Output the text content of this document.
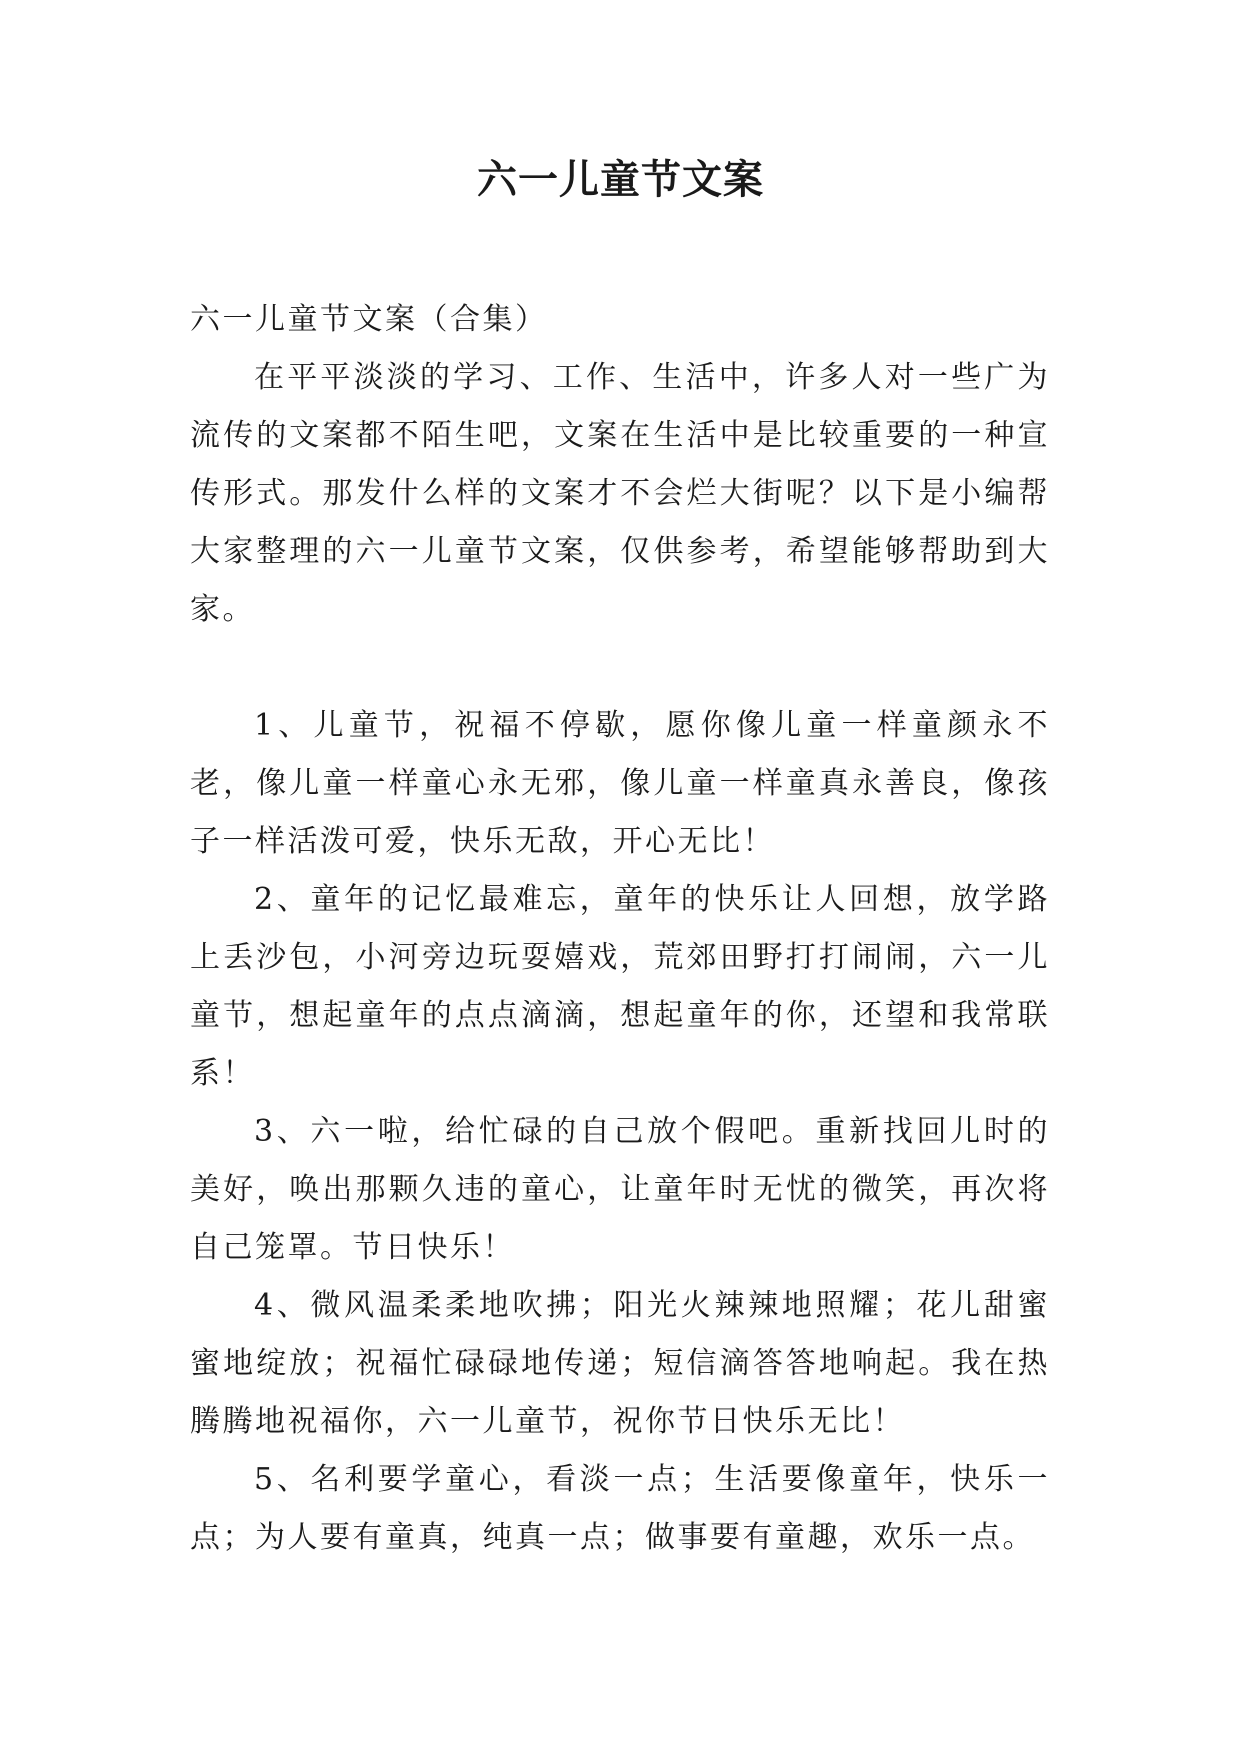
六一儿童节文案

六一儿童节文案（合集）

在平平淡淡的学习、工作、生活中，许多人对一些广为流传的文案都不陌生吧，文案在生活中是比较重要的一种宣传形式。那发什么样的文案才不会烂大街呢？以下是小编帮大家整理的六一儿童节文案，仅供参考，希望能够帮助到大家。

1、儿童节，祝福不停歇，愿你像儿童一样童颜永不老，像儿童一样童心永无邪，像儿童一样童真永善良，像孩子一样活泼可爱，快乐无敌，开心无比！

2、童年的记忆最难忘，童年的快乐让人回想，放学路上丢沙包，小河旁边玩耍嬉戏，荒郊田野打打闹闹，六一儿童节，想起童年的点点滴滴，想起童年的你，还望和我常联系！

3、六一啦，给忙碌的自己放个假吧。重新找回儿时的美好，唤出那颗久违的童心，让童年时无忧的微笑，再次将自己笼罩。节日快乐！

4、微风温柔柔地吹拂；阳光火辣辣地照耀；花儿甜蜜蜜地绽放；祝福忙碌碌地传递；短信滴答答地响起。我在热腾腾地祝福你，六一儿童节，祝你节日快乐无比！

5、名利要学童心，看淡一点；生活要像童年，快乐一点；为人要有童真，纯真一点；做事要有童趣，欢乐一点。
